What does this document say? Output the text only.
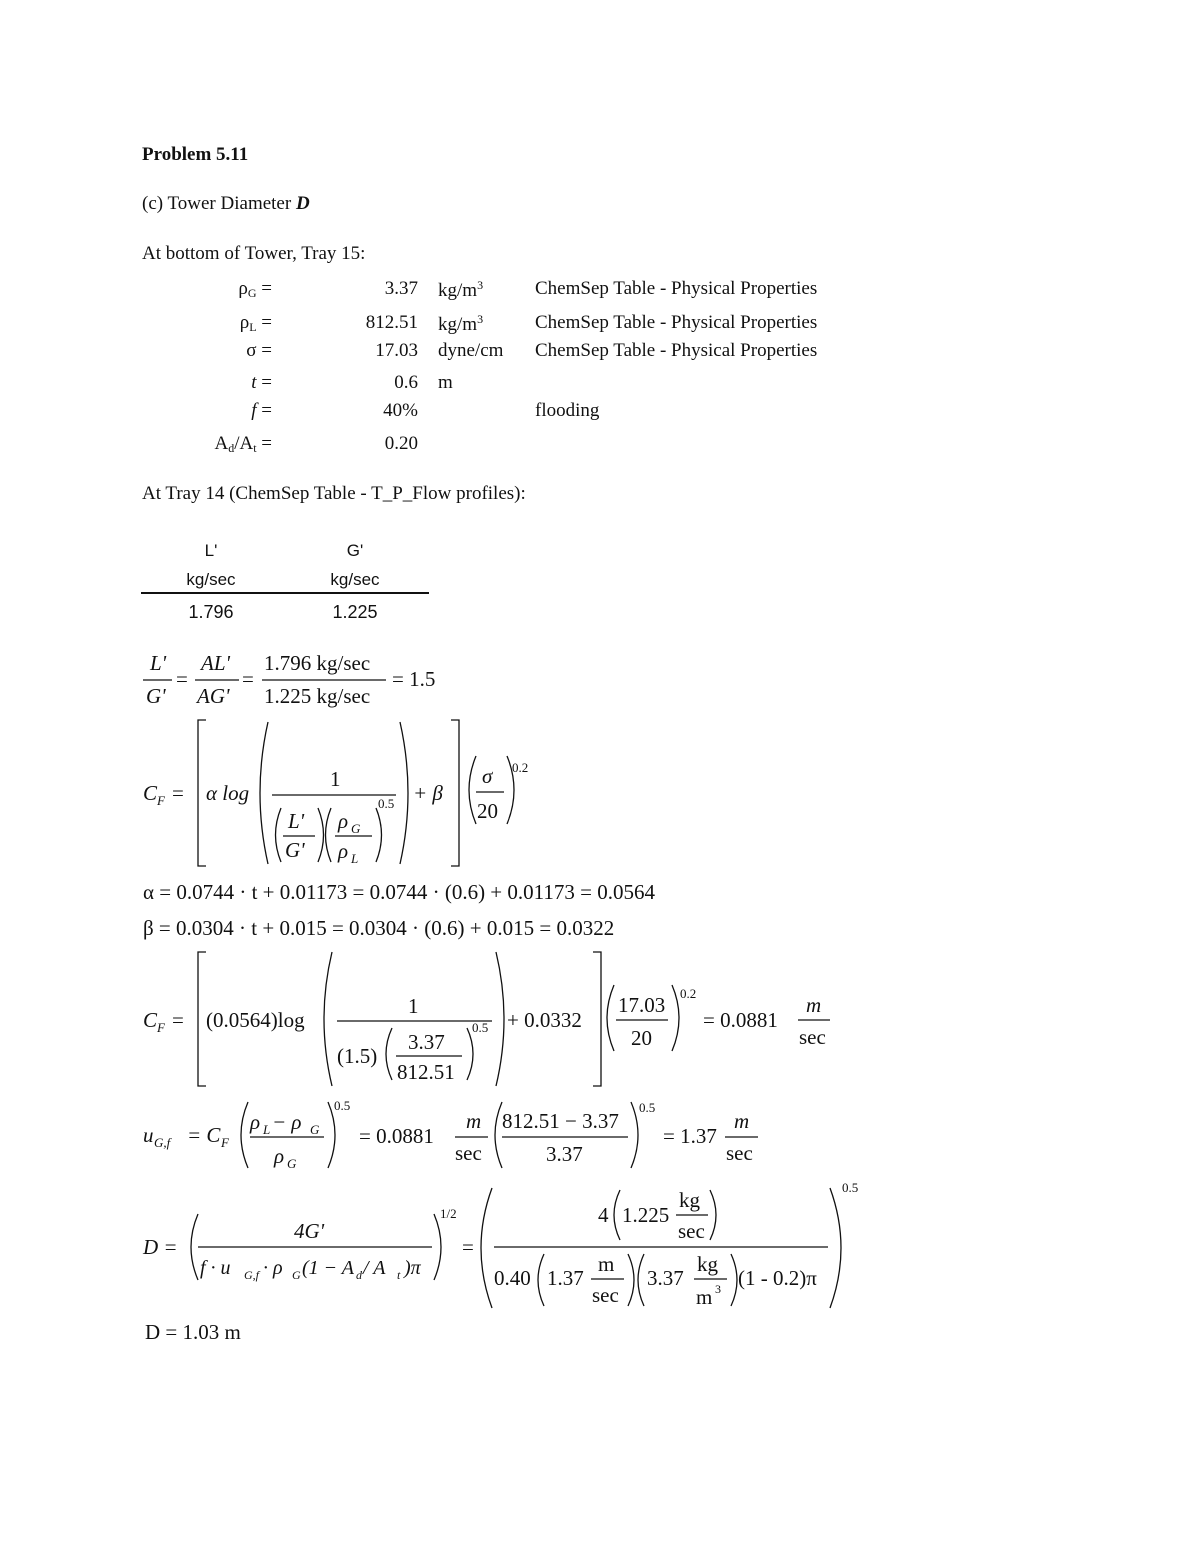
Problem 5.11
(c) Tower Diameter D
At bottom of Tower, Tray 15:
$\rho_G$ =	3.37 $kg/m^3$	ChemSep Table - Physical Properties
$\rho_L$ =	812.51 $kg/m^3$	ChemSep Table - Physical Properties
σ =	17.03 dyne/cm ChemSep Table - Physical Properties
t =	0.6 m
f =	40%	flooding
$A_d/A_t$ =	0.20
At Tray 14 (ChemSep Table - T_P_Flow profiles):
L'	G'
kg/sec	kg/sec
1.796	1.225
L'
G'
=
AL'
AG'
=
1.796 kg/sec
1.225 kg/sec
= 1.5
C F = α log
1
L'
G'
ρ G
ρ L
0.5 + β
σ
20
0.2
α = 0.0744 · t + 0.01173 = 0.0744 · (0.6) + 0.01173 = 0.0564
β = 0.0304 · t + 0.015 = 0.0304 · (0.6) + 0.015 = 0.0322
C F = (0.0564)log
1
(1.5)
3.37
812.51
0.5 + 0.0332
17.03
20
0.2
= 0.0881
m
sec
u G,f = C F
ρ L − ρ G
ρ G
0.5
= 0.0881
m
sec
812.51 − 3.37
3.37
0.5
= 1.37
m
sec
D =
4G'
f · u G,f · ρ G (1 − A d / A t )π
1/2
=
4 1.225
kg
sec
0.40 1.37
m
sec
3.37
kg
m 3 (1 - 0.2)π
0.5
D = 1.03 m
